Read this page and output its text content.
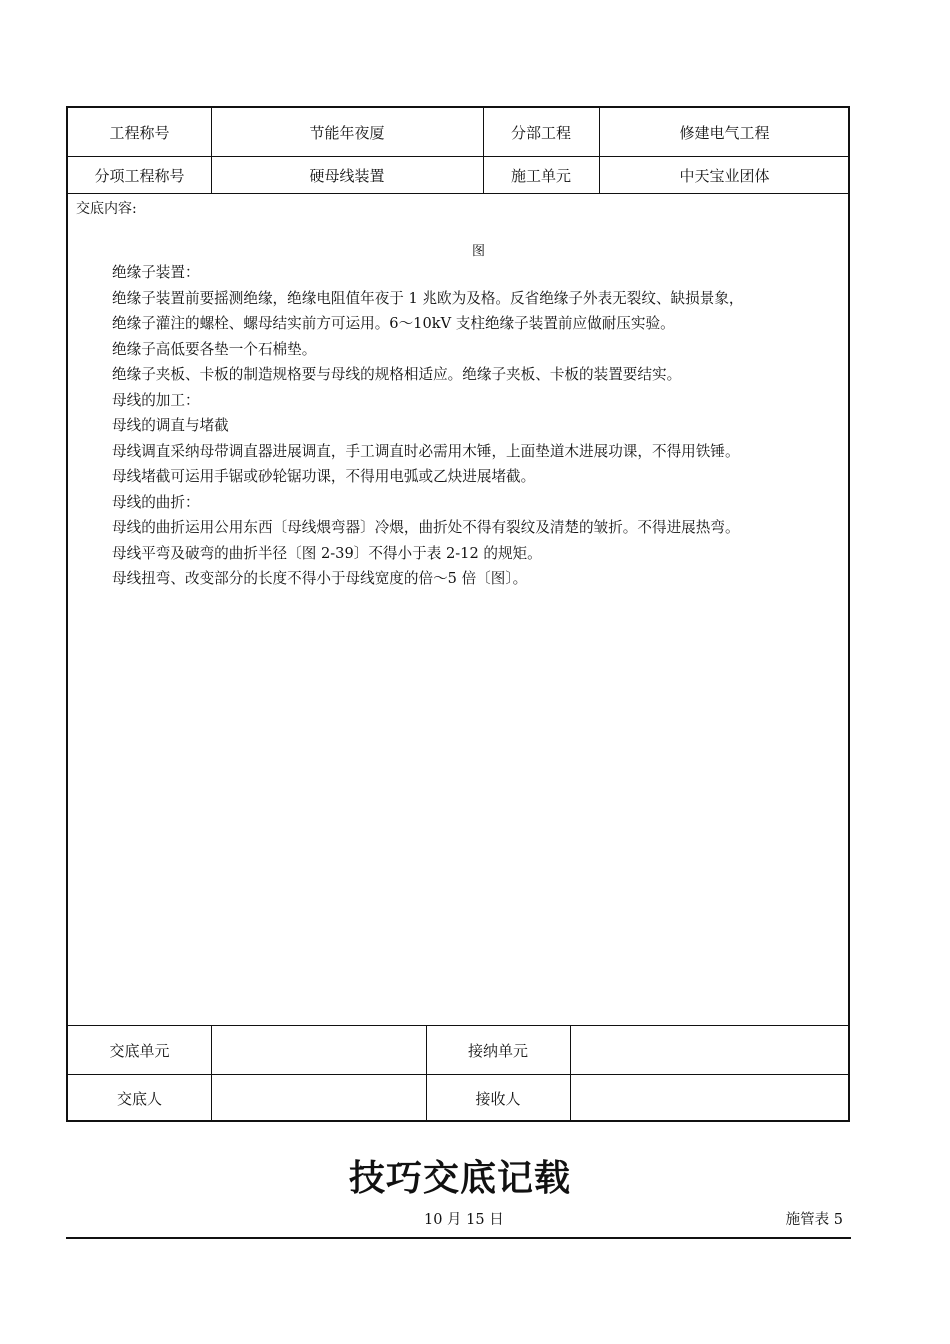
工程称号	节能年夜厦	分部工程	修建电气工程
分项工程称号	硬母线装置	施工单元	中天宝业团体
交底内容:
图
绝缘子装置：
绝缘子装置前要摇测绝缘，绝缘电阻值年夜于 1 兆欧为及格。反省绝缘子外表无裂纹、缺损景象，
绝缘子灌注的螺栓、螺母结实前方可运用。6～10kV 支柱绝缘子装置前应做耐压实验。
绝缘子高低要各垫一个石棉垫。
绝缘子夹板、卡板的制造规格要与母线的规格相适应。绝缘子夹板、卡板的装置要结实。
母线的加工：
母线的调直与堵截
母线调直采纳母带调直器进展调直，手工调直时必需用木锤，上面垫道木进展功课，不得用铁锤。
母线堵截可运用手锯或砂轮锯功课，不得用电弧或乙炔进展堵截。
母线的曲折：
母线的曲折运用公用东西〔母线煨弯器〕冷煨，曲折处不得有裂纹及清楚的皱折。不得进展热弯。
母线平弯及破弯的曲折半径〔图 2-39〕不得小于表 2-12 的规矩。
母线扭弯、改变部分的长度不得小于母线宽度的倍～5 倍〔图〕。
交底单元	接纳单元
交底人	接收人
技巧交底记载
10 月 15 日	施管表 5
